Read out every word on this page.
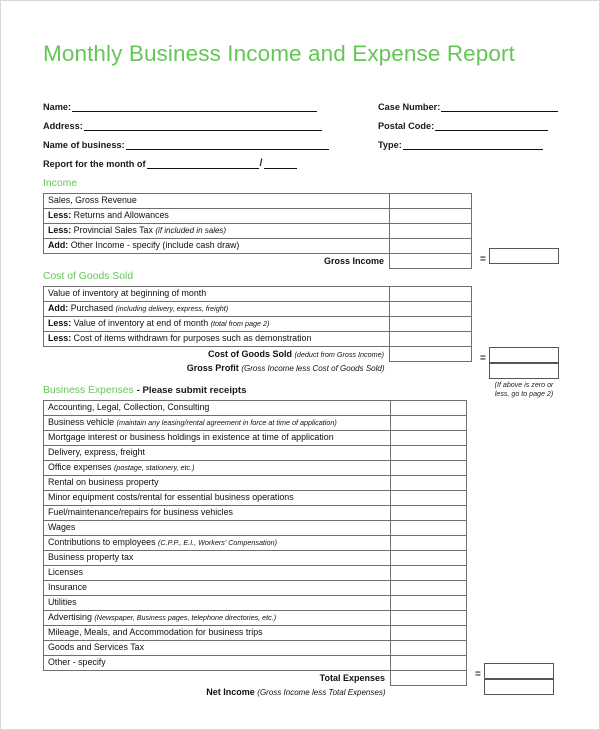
Monthly Business Income and Expense Report
Name:	Case Number:
Address:	Postal Code:
Name of business:	Type:
Report for the month of	/
Income
Sales, Gross Revenue	
Less: Returns and Allowances	
Less: Provincial Sales Tax (if included in sales)	
Add: Other Income - specify (include cash draw)	
Gross Income		=
Cost of Goods Sold
Value of inventory at beginning of month	
Add: Purchased (including delivery, express, freight)	
Less: Value of inventory at end of month (total from page 2)	
Less: Cost of items withdrawn for purposes such as demonstration	
Cost of Goods Sold (deduct from Gross Income)	
Gross Profit (Gross Income less Cost of Goods Sold)	
=
(If above is zero or
less, go to page 2)
Business Expenses - Please submit receipts
Accounting, Legal, Collection, Consulting	
Business vehicle (maintain any leasing/rental agreement in force at time of application)	
Mortgage interest or business holdings in existence at time of application	
Delivery, express, freight	
Office expenses (postage, stationery, etc.)	
Rental on business property	
Minor equipment costs/rental for essential business operations	
Fuel/maintenance/repairs for business vehicles	
Wages	
Contributions to employees (C.P.P., E.I., Workers' Compensation)	
Business property tax	
Licenses	
Insurance	
Utilities	
Advertising (Newspaper, Business pages, telephone directories, etc.)	
Mileage, Meals, and Accommodation for business trips	
Goods and Services Tax	
Other - specify	
Total Expenses	
Net Income (Gross Income less Total Expenses)	
=
